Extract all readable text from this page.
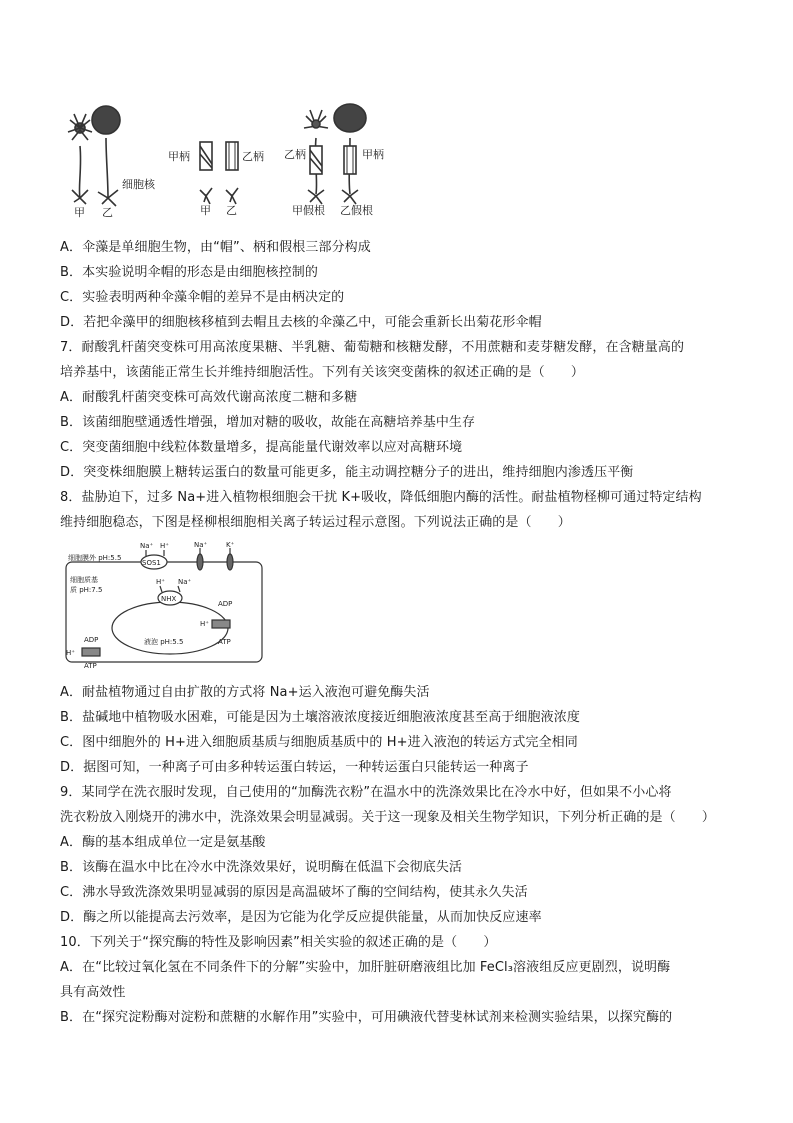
甲 乙
细胞核
甲柄	乙柄
甲 乙
乙柄	甲柄
甲假根 乙假根
A．伞藻是单细胞生物，由“帽”、柄和假根三部分构成
B．本实验说明伞帽的形态是由细胞核控制的
C．实验表明两种伞藻伞帽的差异不是由柄决定的
D．若把伞藻甲的细胞核移植到去帽且去核的伞藻乙中，可能会重新长出菊花形伞帽
7．耐酸乳杆菌突变株可用高浓度果糖、半乳糖、葡萄糖和核糖发酵，不用蔗糖和麦芽糖发酵，在含糖量高的
培养基中，该菌能正常生长并维持细胞活性。下列有关该突变菌株的叙述正确的是（　　）
A．耐酸乳杆菌突变株可高效代谢高浓度二糖和多糖
B．该菌细胞壁通透性增强，增加对糖的吸收，故能在高糖培养基中生存
C．突变菌细胞中线粒体数量增多，提高能量代谢效率以应对高糖环境
D．突变株细胞膜上糖转运蛋白的数量可能更多，能主动调控糖分子的进出，维持细胞内渗透压平衡
8．盐胁迫下，过多 Na+进入植物根细胞会干扰 K+吸收，降低细胞内酶的活性。耐盐植物柽柳可通过特定结构
维持细胞稳态，下图是柽柳根细胞相关离子转运过程示意图。下列说法正确的是（　　）
细胞膜外 pH:5.5
SOS1
Na⁺ H⁺	Na⁺	K⁺
细胞质基
质 pH:7.5
NHX
H⁺ Na⁺
ADP
H⁺
ATP
液泡 pH:5.5
ADP
H⁺
ATP
A．耐盐植物通过自由扩散的方式将 Na+运入液泡可避免酶失活
B．盐碱地中植物吸水困难，可能是因为土壤溶液浓度接近细胞液浓度甚至高于细胞液浓度
C．图中细胞外的 H+进入细胞质基质与细胞质基质中的 H+进入液泡的转运方式完全相同
D．据图可知，一种离子可由多种转运蛋白转运，一种转运蛋白只能转运一种离子
9．某同学在洗衣服时发现，自己使用的“加酶洗衣粉”在温水中的洗涤效果比在冷水中好，但如果不小心将
洗衣粉放入刚烧开的沸水中，洗涤效果会明显减弱。关于这一现象及相关生物学知识，下列分析正确的是（　　）
A．酶的基本组成单位一定是氨基酸
B．该酶在温水中比在冷水中洗涤效果好，说明酶在低温下会彻底失活
C．沸水导致洗涤效果明显减弱的原因是高温破坏了酶的空间结构，使其永久失活
D．酶之所以能提高去污效率，是因为它能为化学反应提供能量，从而加快反应速率
10．下列关于“探究酶的特性及影响因素”相关实验的叙述正确的是（　　）
A．在“比较过氧化氢在不同条件下的分解”实验中，加肝脏研磨液组比加 FeCl₃溶液组反应更剧烈，说明酶
具有高效性
B．在“探究淀粉酶对淀粉和蔗糖的水解作用”实验中，可用碘液代替斐林试剂来检测实验结果，以探究酶的
